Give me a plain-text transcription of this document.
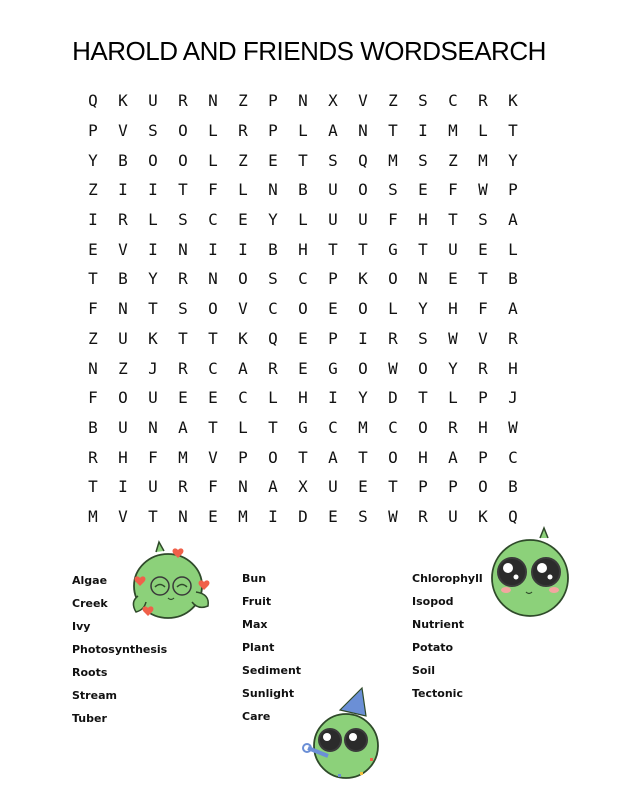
HAROLD AND FRIENDS WORDSEARCH
Q	K	U	R	N	Z	P	N	X	V	Z	S	C	R	K
P	V	S	O	L	R	P	L	A	N	T	I	M	L	T
Y	B	O	O	L	Z	E	T	S	Q	M	S	Z	M	Y
Z	I	I	T	F	L	N	B	U	O	S	E	F	W	P
I	R	L	S	C	E	Y	L	U	U	F	H	T	S	A
E	V	I	N	I	I	B	H	T	T	G	T	U	E	L
T	B	Y	R	N	O	S	C	P	K	O	N	E	T	B
F	N	T	S	O	V	C	O	E	O	L	Y	H	F	A
Z	U	K	T	T	K	Q	E	P	I	R	S	W	V	R
N	Z	J	R	C	A	R	E	G	O	W	O	Y	R	H
F	O	U	E	E	C	L	H	I	Y	D	T	L	P	J
B	U	N	A	T	L	T	G	C	M	C	O	R	H	W
R	H	F	M	V	P	O	T	A	T	O	H	A	P	C
T	I	U	R	F	N	A	X	U	E	T	P	P	O	B
M	V	T	N	E	M	I	D	E	S	W	R	U	K	Q
Algae
Creek
Ivy
Photosynthesis
Roots
Stream
Tuber
Bun
Fruit
Max
Plant
Sediment
Sunlight
Care
Chlorophyll
Isopod
Nutrient
Potato
Soil
Tectonic
